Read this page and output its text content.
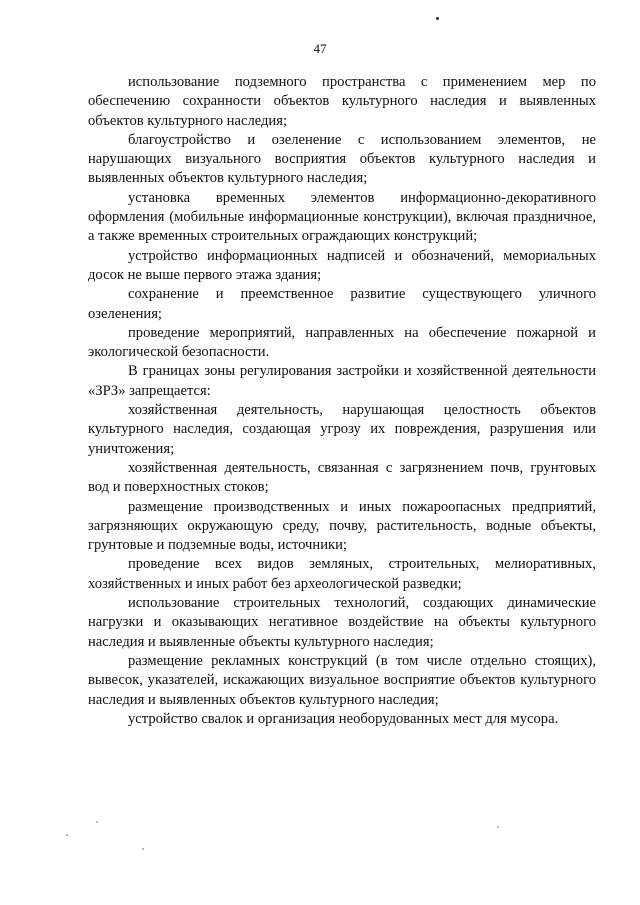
47

использование подземного пространства с применением мер по обеспечению сохранности объектов культурного наследия и выявленных объектов культурного наследия;

благоустройство и озеленение с использованием элементов, не нарушающих визуального восприятия объектов культурного наследия и выявленных объектов культурного наследия;

установка временных элементов информационно-декоративного оформления (мобильные информационные конструкции), включая праздничное, а также временных строительных ограждающих конструкций;

устройство информационных надписей и обозначений, мемориальных досок не выше первого этажа здания;

сохранение и преемственное развитие существующего уличного озеленения;

проведение мероприятий, направленных на обеспечение пожарной и экологической безопасности.

В границах зоны регулирования застройки и хозяйственной деятельности «ЗРЗ» запрещается:

хозяйственная деятельность, нарушающая целостность объектов культурного наследия, создающая угрозу их повреждения, разрушения или уничтожения;

хозяйственная деятельность, связанная с загрязнением почв, грунтовых вод и поверхностных стоков;

размещение производственных и иных пожароопасных предприятий, загрязняющих окружающую среду, почву, растительность, водные объекты, грунтовые и подземные воды, источники;

проведение всех видов земляных, строительных, мелиоративных, хозяйственных и иных работ без археологической разведки;

использование строительных технологий, создающих динамические нагрузки и оказывающих негативное воздействие на объекты культурного наследия и выявленные объекты культурного наследия;

размещение рекламных конструкций (в том числе отдельно стоящих), вывесок, указателей, искажающих визуальное восприятие объектов культурного наследия и выявленных объектов культурного наследия;

устройство свалок и организация необорудованных мест для мусора.
